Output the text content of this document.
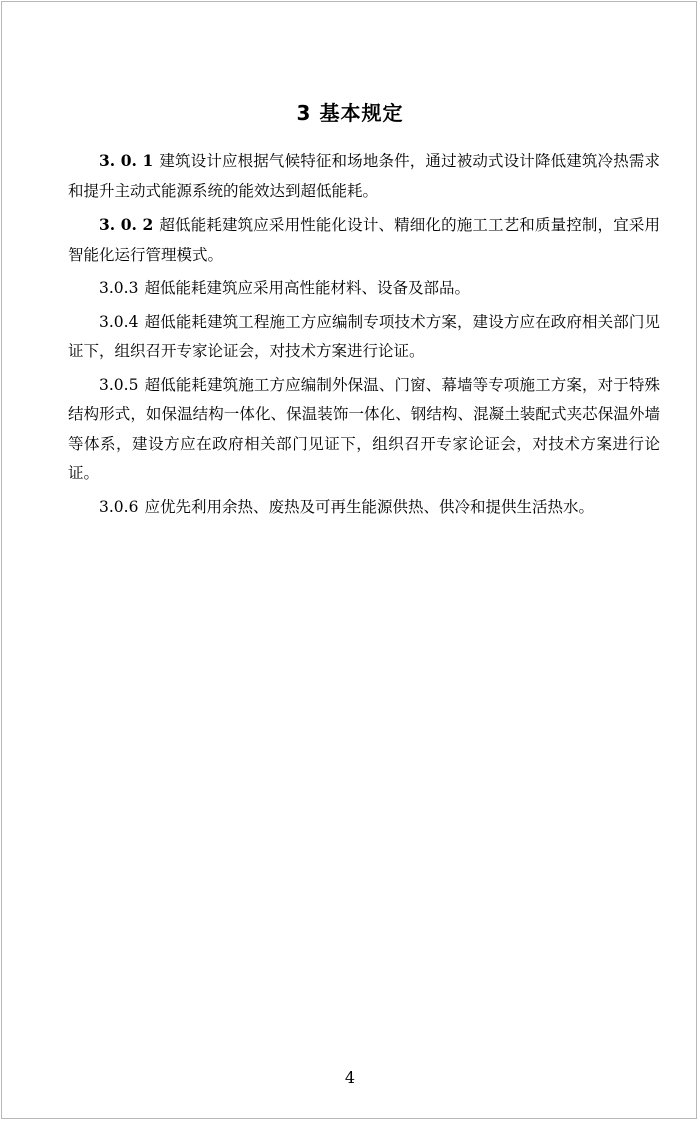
3 基本规定

3. 0. 1 建筑设计应根据气候特征和场地条件，通过被动式设计降低建筑冷热需求和提升主动式能源系统的能效达到超低能耗。

3. 0. 2 超低能耗建筑应采用性能化设计、精细化的施工工艺和质量控制，宜采用智能化运行管理模式。

3.0.3 超低能耗建筑应采用高性能材料、设备及部品。

3.0.4 超低能耗建筑工程施工方应编制专项技术方案，建设方应在政府相关部门见证下，组织召开专家论证会，对技术方案进行论证。

3.0.5 超低能耗建筑施工方应编制外保温、门窗、幕墙等专项施工方案，对于特殊结构形式，如保温结构一体化、保温装饰一体化、钢结构、混凝土装配式夹芯保温外墙等体系，建设方应在政府相关部门见证下，组织召开专家论证会，对技术方案进行论证。

3.0.6 应优先利用余热、废热及可再生能源供热、供冷和提供生活热水。

4
